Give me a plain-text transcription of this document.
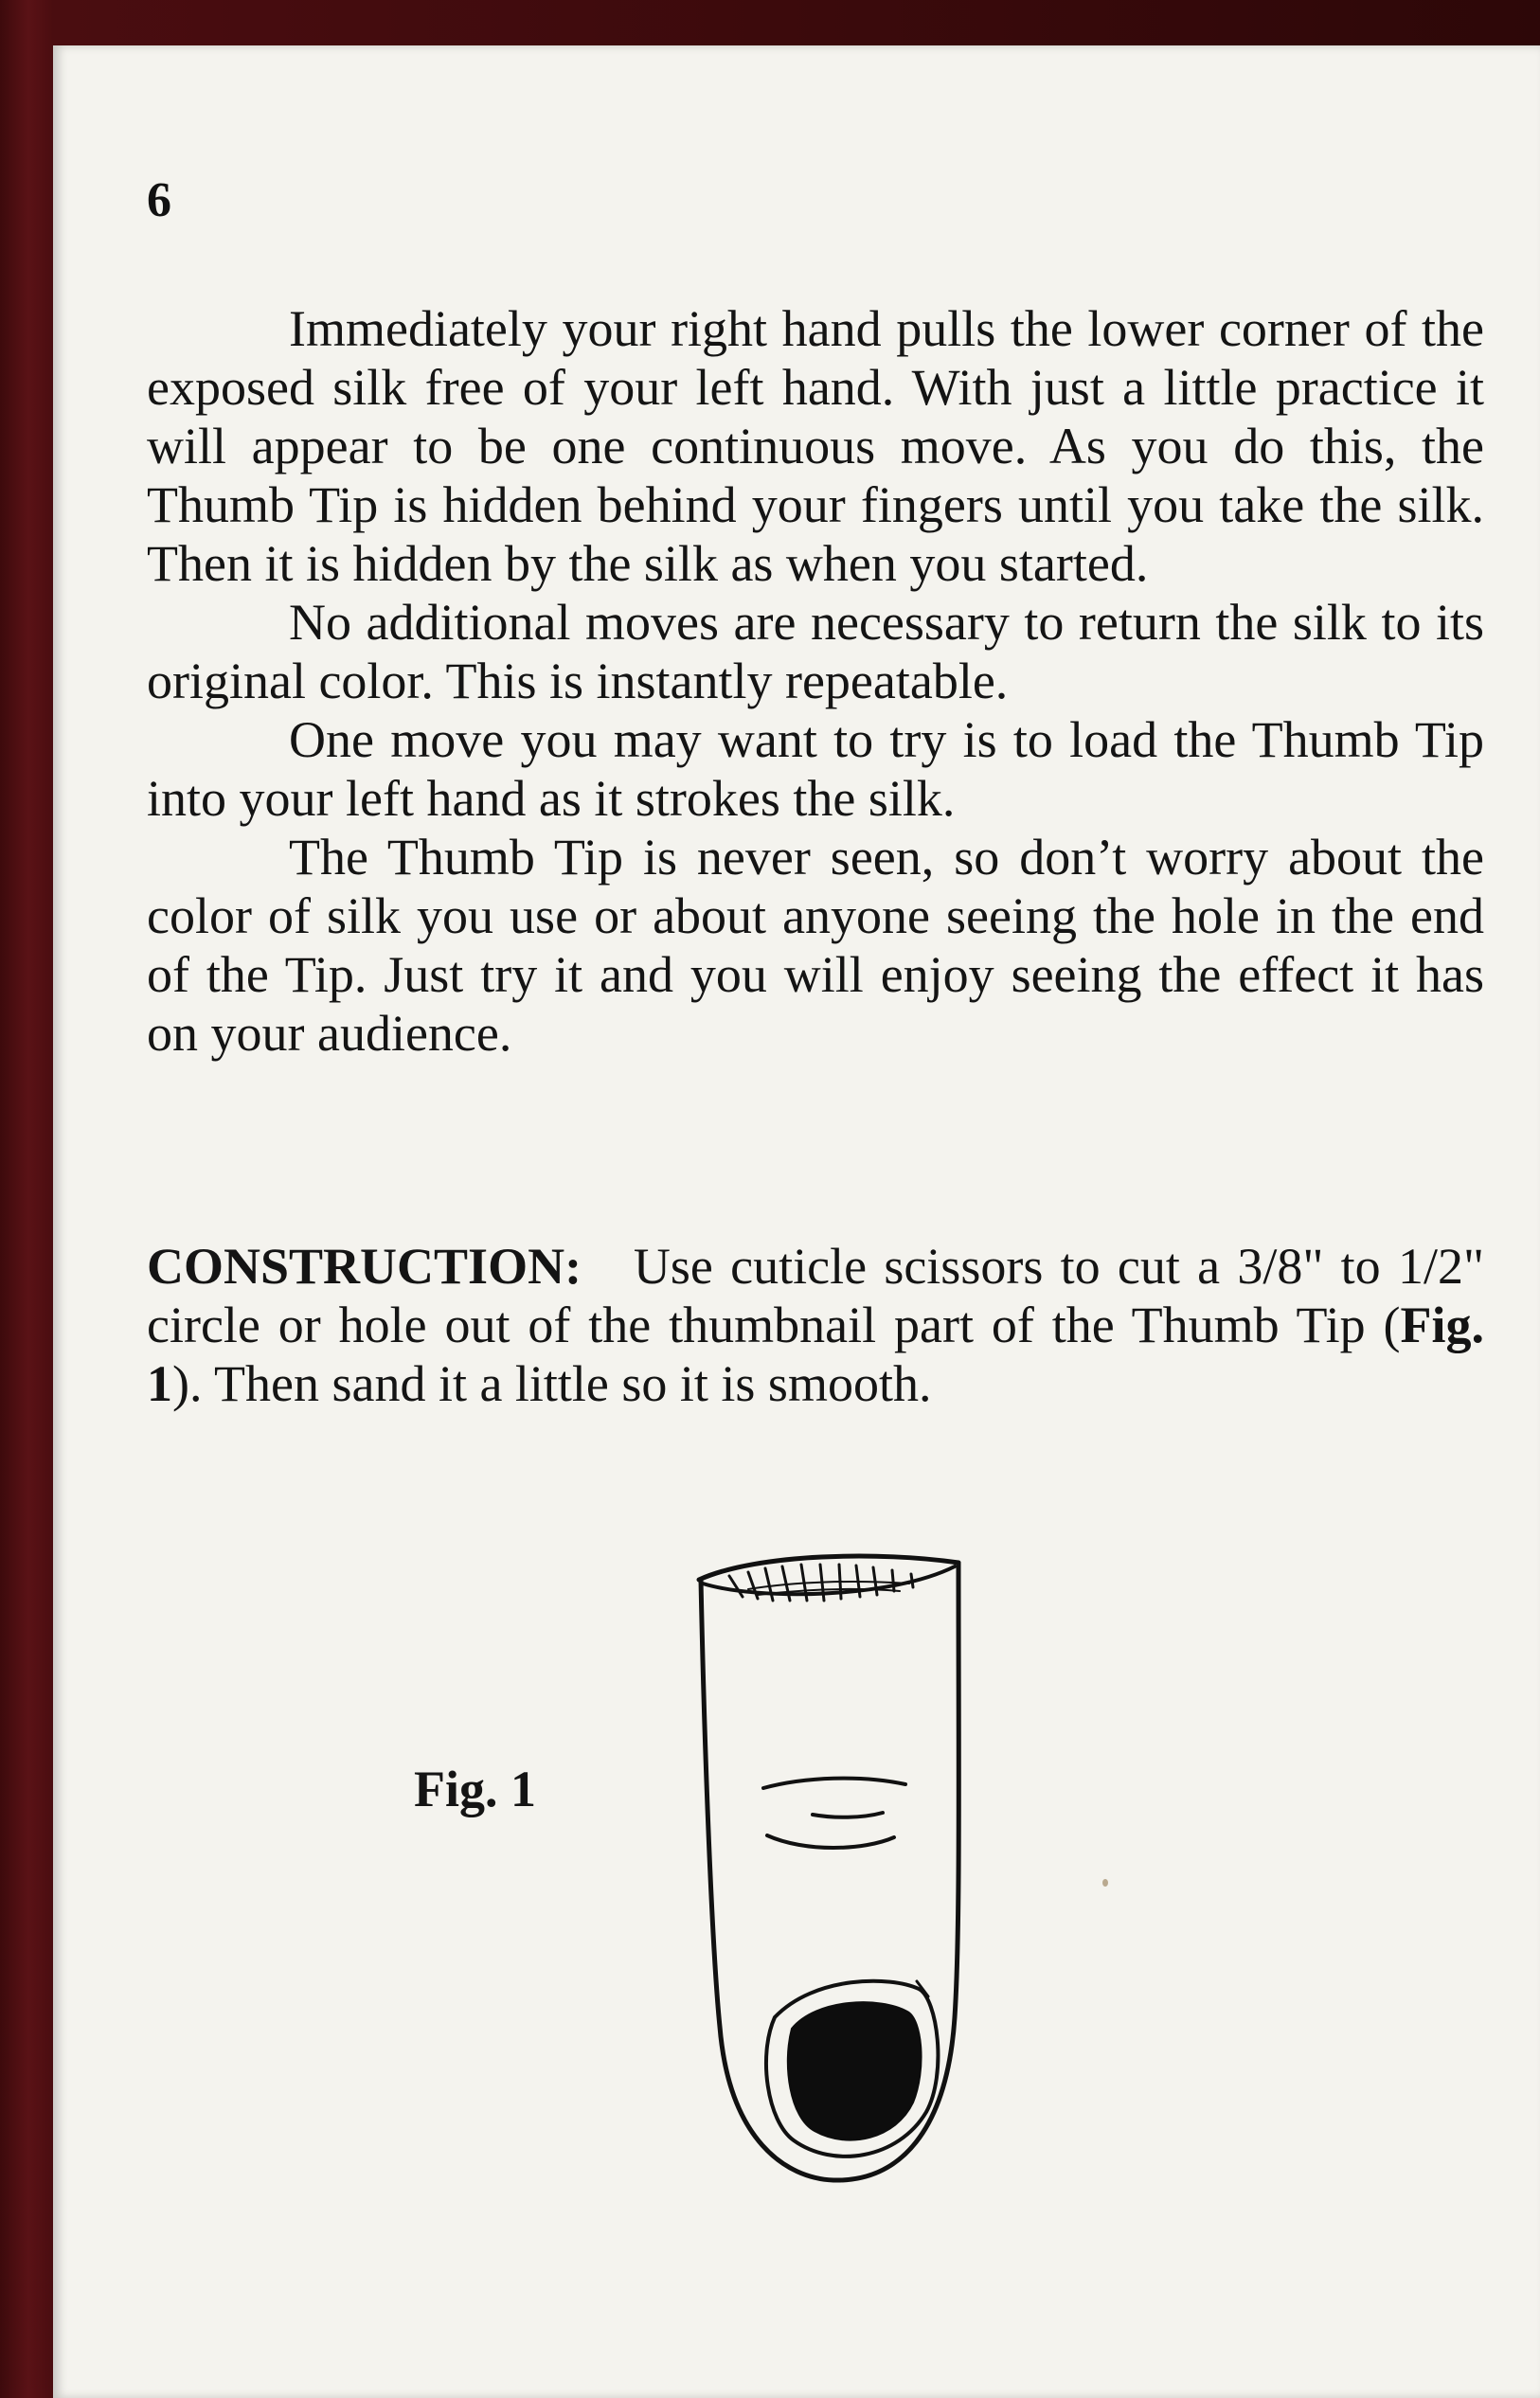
6

Immediately your right hand pulls the lower corner of the exposed silk free of your left hand. With just a little practice it will appear to be one continuous move. As you do this, the Thumb Tip is hidden behind your fingers until you take the silk. Then it is hidden by the silk as when you started.

No additional moves are necessary to return the silk to its original color. This is instantly repeatable.

One move you may want to try is to load the Thumb Tip into your left hand as it strokes the silk.

The Thumb Tip is never seen, so don’t worry about the color of silk you use or about anyone seeing the hole in the end of the Tip. Just try it and you will enjoy seeing the effect it has on your audience.

CONSTRUCTION: Use cuticle scissors to cut a 3/8" to 1/2" circle or hole out of the thumbnail part of the Thumb Tip (Fig. 1). Then sand it a little so it is smooth.

Fig. 1
